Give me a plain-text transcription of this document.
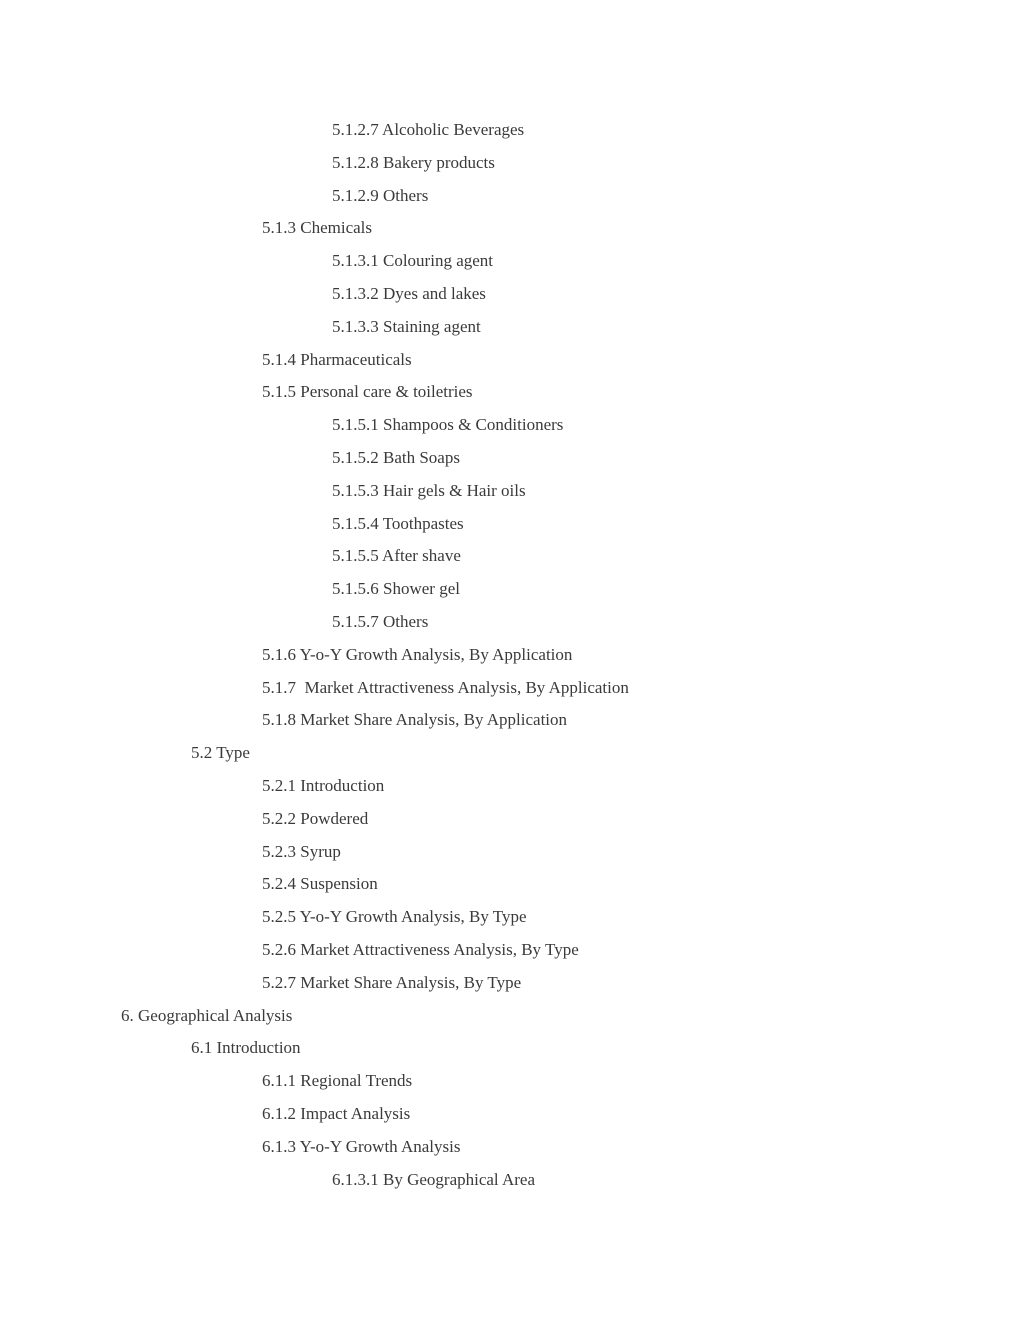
5.1.2.7 Alcoholic Beverages
5.1.2.8 Bakery products
5.1.2.9 Others
5.1.3 Chemicals
5.1.3.1 Colouring agent
5.1.3.2 Dyes and lakes
5.1.3.3 Staining agent
5.1.4 Pharmaceuticals
5.1.5 Personal care & toiletries
5.1.5.1 Shampoos & Conditioners
5.1.5.2 Bath Soaps
5.1.5.3 Hair gels & Hair oils
5.1.5.4 Toothpastes
5.1.5.5 After shave
5.1.5.6 Shower gel
5.1.5.7 Others
5.1.6 Y-o-Y Growth Analysis, By Application
5.1.7  Market Attractiveness Analysis, By Application
5.1.8 Market Share Analysis, By Application
5.2 Type
5.2.1 Introduction
5.2.2 Powdered
5.2.3 Syrup
5.2.4 Suspension
5.2.5 Y-o-Y Growth Analysis, By Type
5.2.6 Market Attractiveness Analysis, By Type
5.2.7 Market Share Analysis, By Type
6. Geographical Analysis
6.1 Introduction
6.1.1 Regional Trends
6.1.2 Impact Analysis
6.1.3 Y-o-Y Growth Analysis
6.1.3.1 By Geographical Area
